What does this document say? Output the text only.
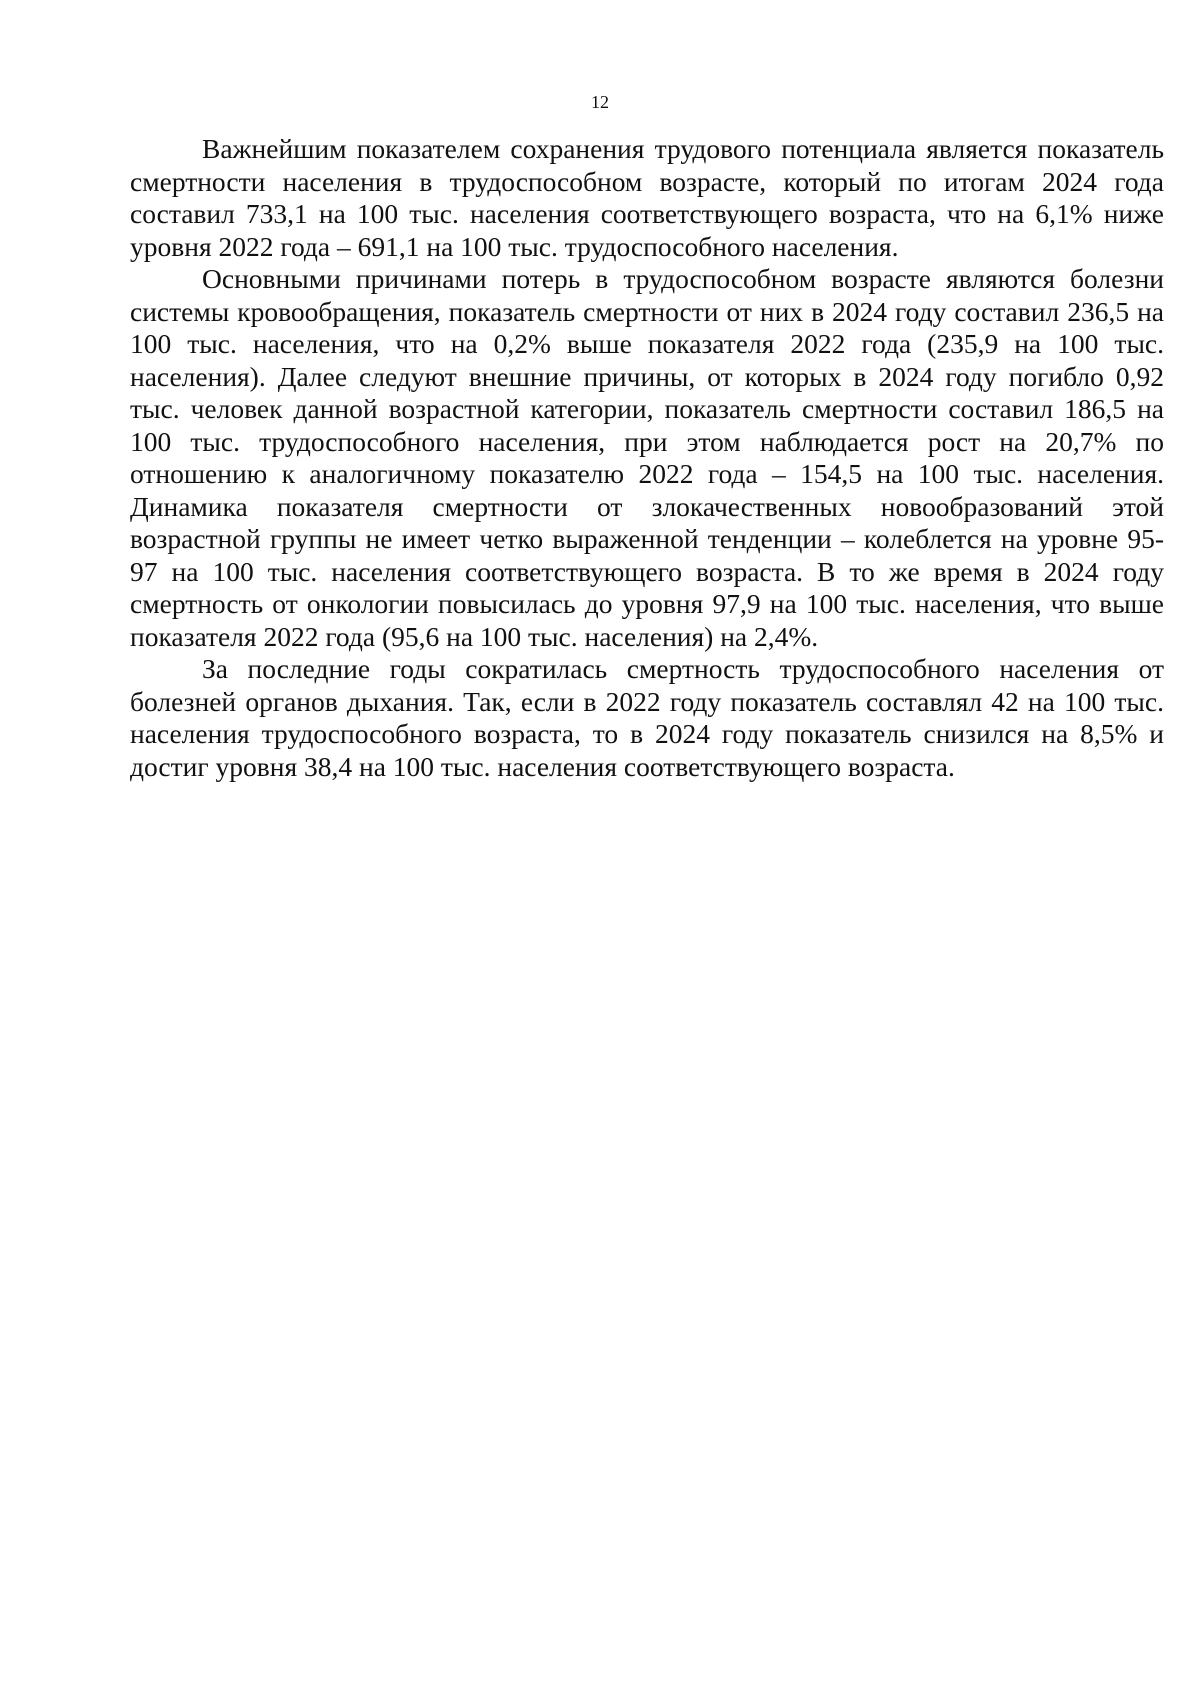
12

Важнейшим показателем сохранения трудового потенциала является показатель смертности населения в трудоспособном возрасте, который по итогам 2024 года составил 733,1 на 100 тыс. населения соответствующего возраста, что на 6,1% ниже уровня 2022 года – 691,1 на 100 тыс. трудоспособного населения.

Основными причинами потерь в трудоспособном возрасте являются болезни системы кровообращения, показатель смертности от них в 2024 году составил 236,5 на 100 тыс. населения, что на 0,2% выше показателя 2022 года (235,9 на 100 тыс. населения). Далее следуют внешние причины, от которых в 2024 году погибло 0,92 тыс. человек данной возрастной категории, показатель смертности составил 186,5 на 100 тыс. трудоспособного населения, при этом наблюдается рост на 20,7% по отношению к аналогичному показателю 2022 года – 154,5 на 100 тыс. населения. Динамика показателя смертности от злокачественных новообразований этой возрастной группы не имеет четко выраженной тенденции – колеблется на уровне 95-97 на 100 тыс. населения соответствующего возраста. В то же время в 2024 году смертность от онкологии повысилась до уровня 97,9 на 100 тыс. населения, что выше показателя 2022 года (95,6 на 100 тыс. населения) на 2,4%.

За последние годы сократилась смертность трудоспособного населения от болезней органов дыхания. Так, если в 2022 году показатель составлял 42 на 100 тыс. населения трудоспособного возраста, то в 2024 году показатель снизился на 8,5% и достиг уровня 38,4 на 100 тыс. населения соответствующего возраста.
